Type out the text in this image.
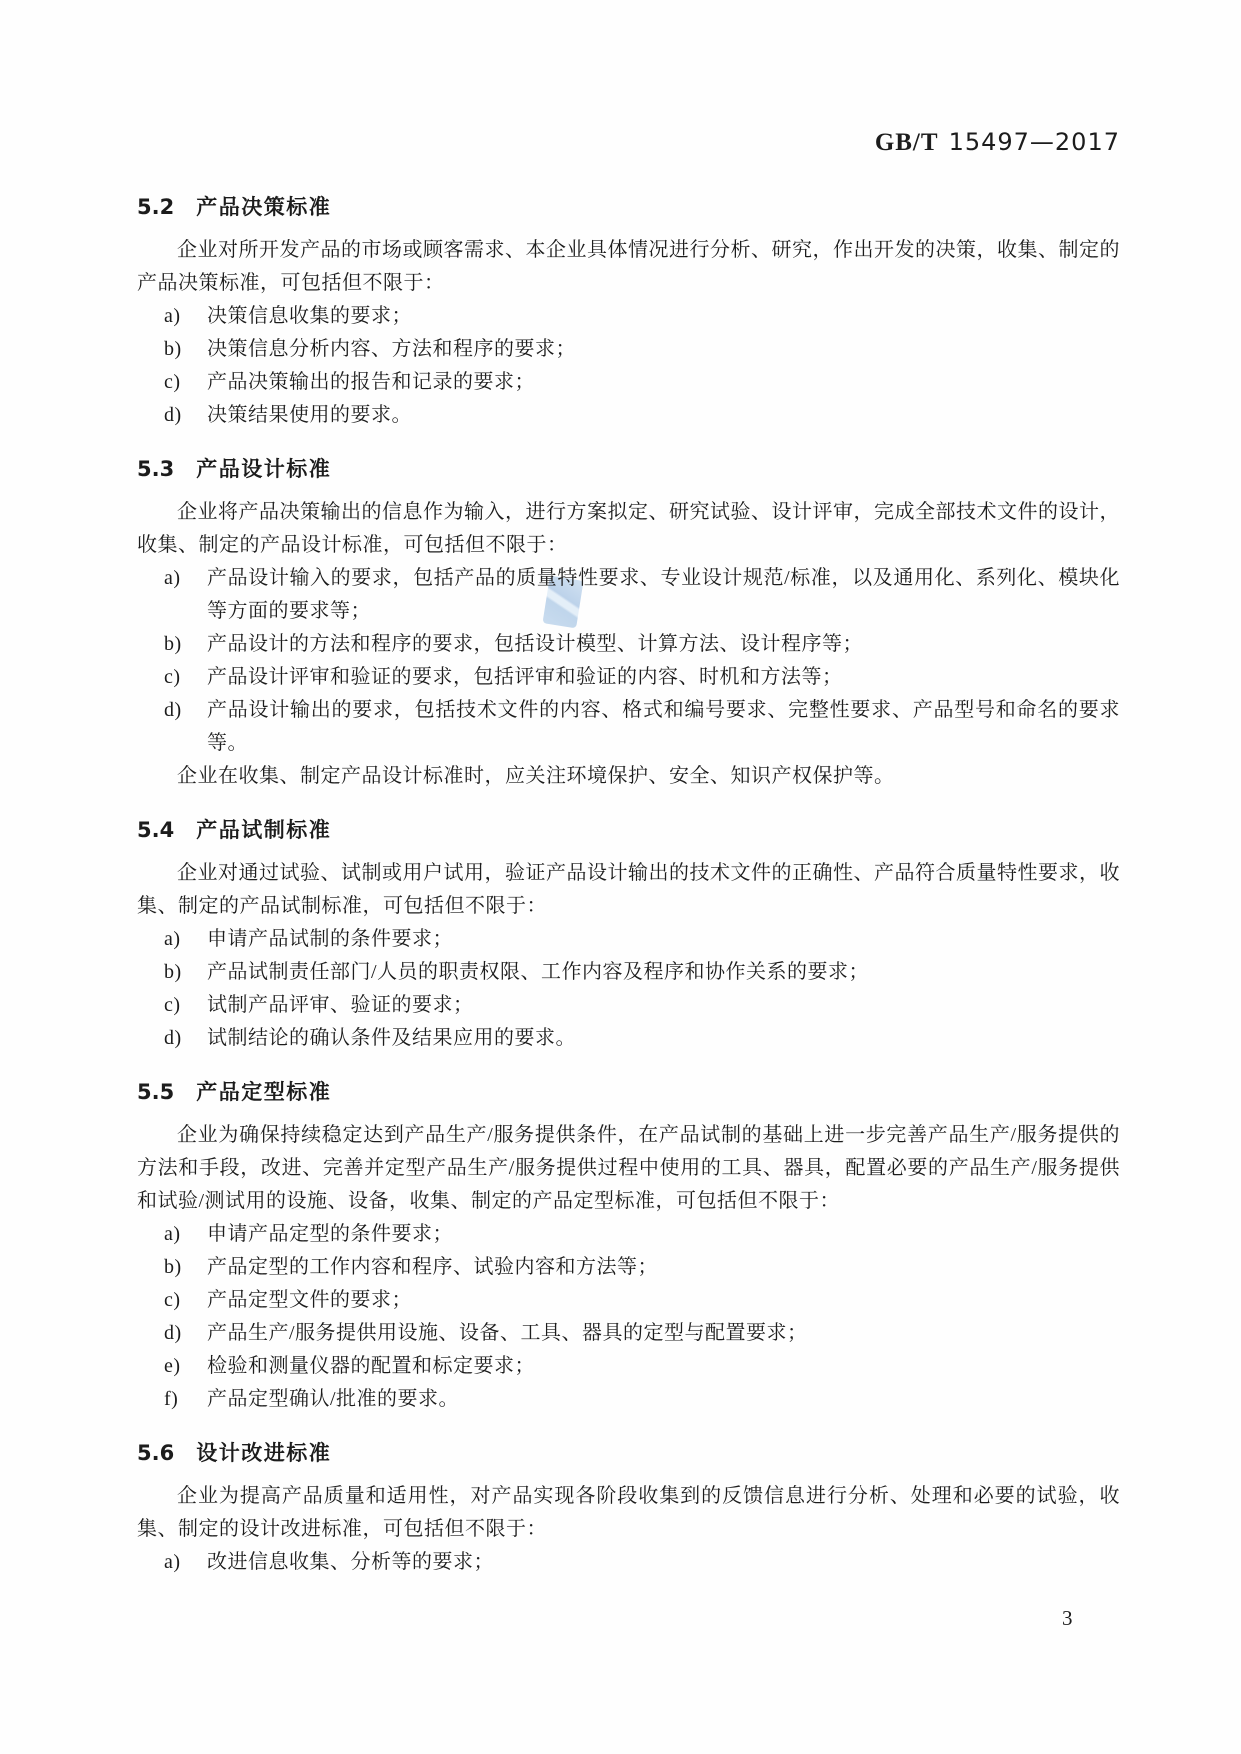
GB/T 15497—2017
5.2 产品决策标准

企业对所开发产品的市场或顾客需求、本企业具体情况进行分析、研究，作出开发的决策，收集、制定的产品决策标准，可包括但不限于：

a) 决策信息收集的要求；
b) 决策信息分析内容、方法和程序的要求；
c) 产品决策输出的报告和记录的要求；
d) 决策结果使用的要求。
5.3 产品设计标准

企业将产品决策输出的信息作为输入，进行方案拟定、研究试验、设计评审，完成全部技术文件的设计，收集、制定的产品设计标准，可包括但不限于：

a) 产品设计输入的要求，包括产品的质量特性要求、专业设计规范/标准，以及通用化、系列化、模块化等方面的要求等；
b) 产品设计的方法和程序的要求，包括设计模型、计算方法、设计程序等；
c) 产品设计评审和验证的要求，包括评审和验证的内容、时机和方法等；
d) 产品设计输出的要求，包括技术文件的内容、格式和编号要求、完整性要求、产品型号和命名的要求等。

企业在收集、制定产品设计标准时，应关注环境保护、安全、知识产权保护等。

5.4 产品试制标准

企业对通过试验、试制或用户试用，验证产品设计输出的技术文件的正确性、产品符合质量特性要求，收集、制定的产品试制标准，可包括但不限于：

a) 申请产品试制的条件要求；
b) 产品试制责任部门/人员的职责权限、工作内容及程序和协作关系的要求；
c) 试制产品评审、验证的要求；
d) 试制结论的确认条件及结果应用的要求。
5.5 产品定型标准

企业为确保持续稳定达到产品生产/服务提供条件，在产品试制的基础上进一步完善产品生产/服务提供的方法和手段，改进、完善并定型产品生产/服务提供过程中使用的工具、器具，配置必要的产品生产/服务提供和试验/测试用的设施、设备，收集、制定的产品定型标准，可包括但不限于：

a) 申请产品定型的条件要求；
b) 产品定型的工作内容和程序、试验内容和方法等；
c) 产品定型文件的要求；
d) 产品生产/服务提供用设施、设备、工具、器具的定型与配置要求；
e) 检验和测量仪器的配置和标定要求；
f) 产品定型确认/批准的要求。
5.6 设计改进标准

企业为提高产品质量和适用性，对产品实现各阶段收集到的反馈信息进行分析、处理和必要的试验，收集、制定的设计改进标准，可包括但不限于：

a) 改进信息收集、分析等的要求；
3
